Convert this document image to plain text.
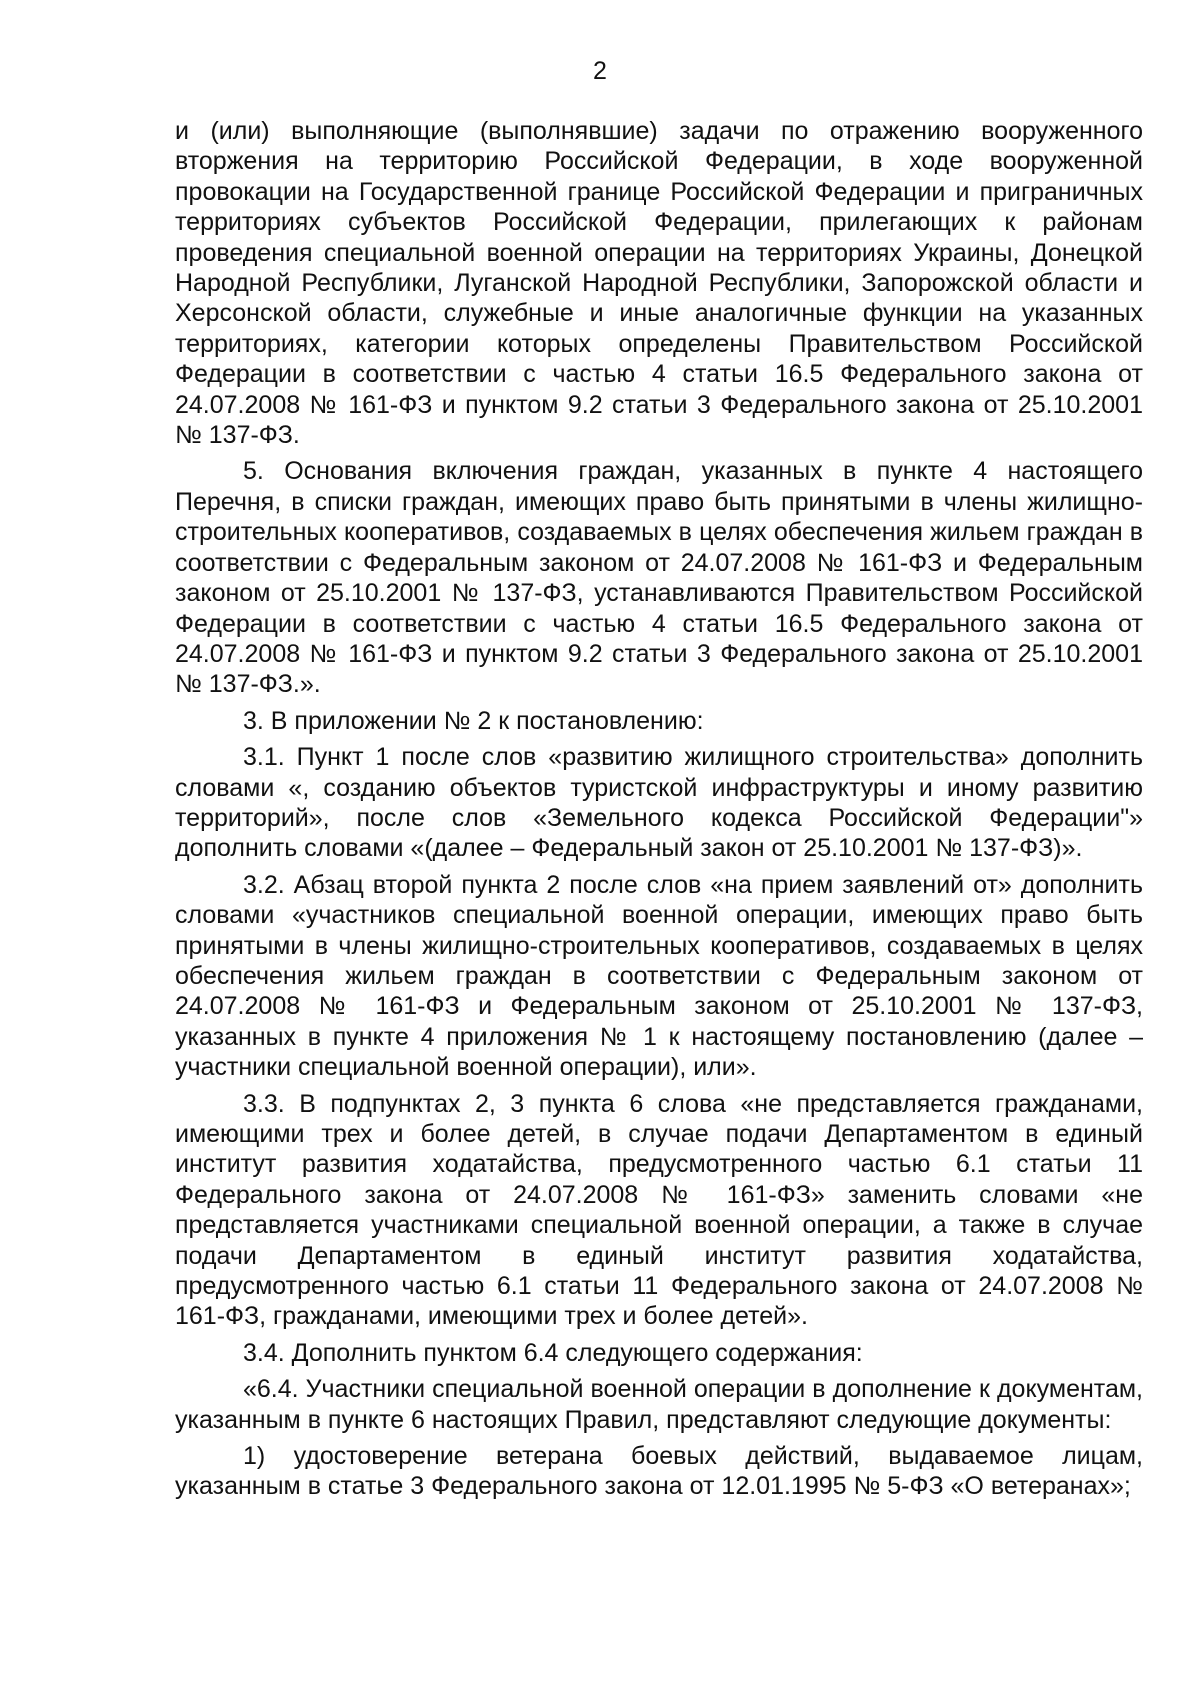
2

и (или) выполняющие (выполнявшие) задачи по отражению вооруженного вторжения на территорию Российской Федерации, в ходе вооруженной провокации на Государственной границе Российской Федерации и приграничных территориях субъектов Российской Федерации, прилегающих к районам проведения специальной военной операции на территориях Украины, Донецкой Народной Республики, Луганской Народной Республики, Запорожской области и Херсонской области, служебные и иные аналогичные функции на указанных территориях, категории которых определены Правительством Российской Федерации в соответствии с частью 4 статьи 16.5 Федерального закона от 24.07.2008 № 161-ФЗ и пунктом 9.2 статьи 3 Федерального закона от 25.10.2001 № 137-ФЗ.

5. Основания включения граждан, указанных в пункте 4 настоящего Перечня, в списки граждан, имеющих право быть принятыми в члены жилищно-строительных кооперативов, создаваемых в целях обеспечения жильем граждан в соответствии с Федеральным законом от 24.07.2008 № 161-ФЗ и Федеральным законом от 25.10.2001 № 137-ФЗ, устанавливаются Правительством Российской Федерации в соответствии с частью 4 статьи 16.5 Федерального закона от 24.07.2008 № 161-ФЗ и пунктом 9.2 статьи 3 Федерального закона от 25.10.2001 № 137-ФЗ.».

3. В приложении № 2 к постановлению:

3.1. Пункт 1 после слов «развитию жилищного строительства» дополнить словами «, созданию объектов туристской инфраструктуры и иному развитию территорий», после слов «Земельного кодекса Российской Федерации"» дополнить словами «(далее – Федеральный закон от 25.10.2001 № 137-ФЗ)».

3.2. Абзац второй пункта 2 после слов «на прием заявлений от» дополнить словами «участников специальной военной операции, имеющих право быть принятыми в члены жилищно-строительных кооперативов, создаваемых в целях обеспечения жильем граждан в соответствии с Федеральным законом от 24.07.2008 № 161-ФЗ и Федеральным законом от 25.10.2001 № 137-ФЗ, указанных в пункте 4 приложения № 1 к настоящему постановлению (далее – участники специальной военной операции), или».

3.3. В подпунктах 2, 3 пункта 6 слова «не представляется гражданами, имеющими трех и более детей, в случае подачи Департаментом в единый институт развития ходатайства, предусмотренного частью 6.1 статьи 11 Федерального закона от 24.07.2008 № 161-ФЗ» заменить словами «не представляется участниками специальной военной операции, а также в случае подачи Департаментом в единый институт развития ходатайства, предусмотренного частью 6.1 статьи 11 Федерального закона от 24.07.2008 № 161-ФЗ, гражданами, имеющими трех и более детей».

3.4. Дополнить пунктом 6.4 следующего содержания:

«6.4. Участники специальной военной операции в дополнение к документам, указанным в пункте 6 настоящих Правил, представляют следующие документы:

1) удостоверение ветерана боевых действий, выдаваемое лицам, указанным в статье 3 Федерального закона от 12.01.1995 № 5-ФЗ «О ветеранах»;
